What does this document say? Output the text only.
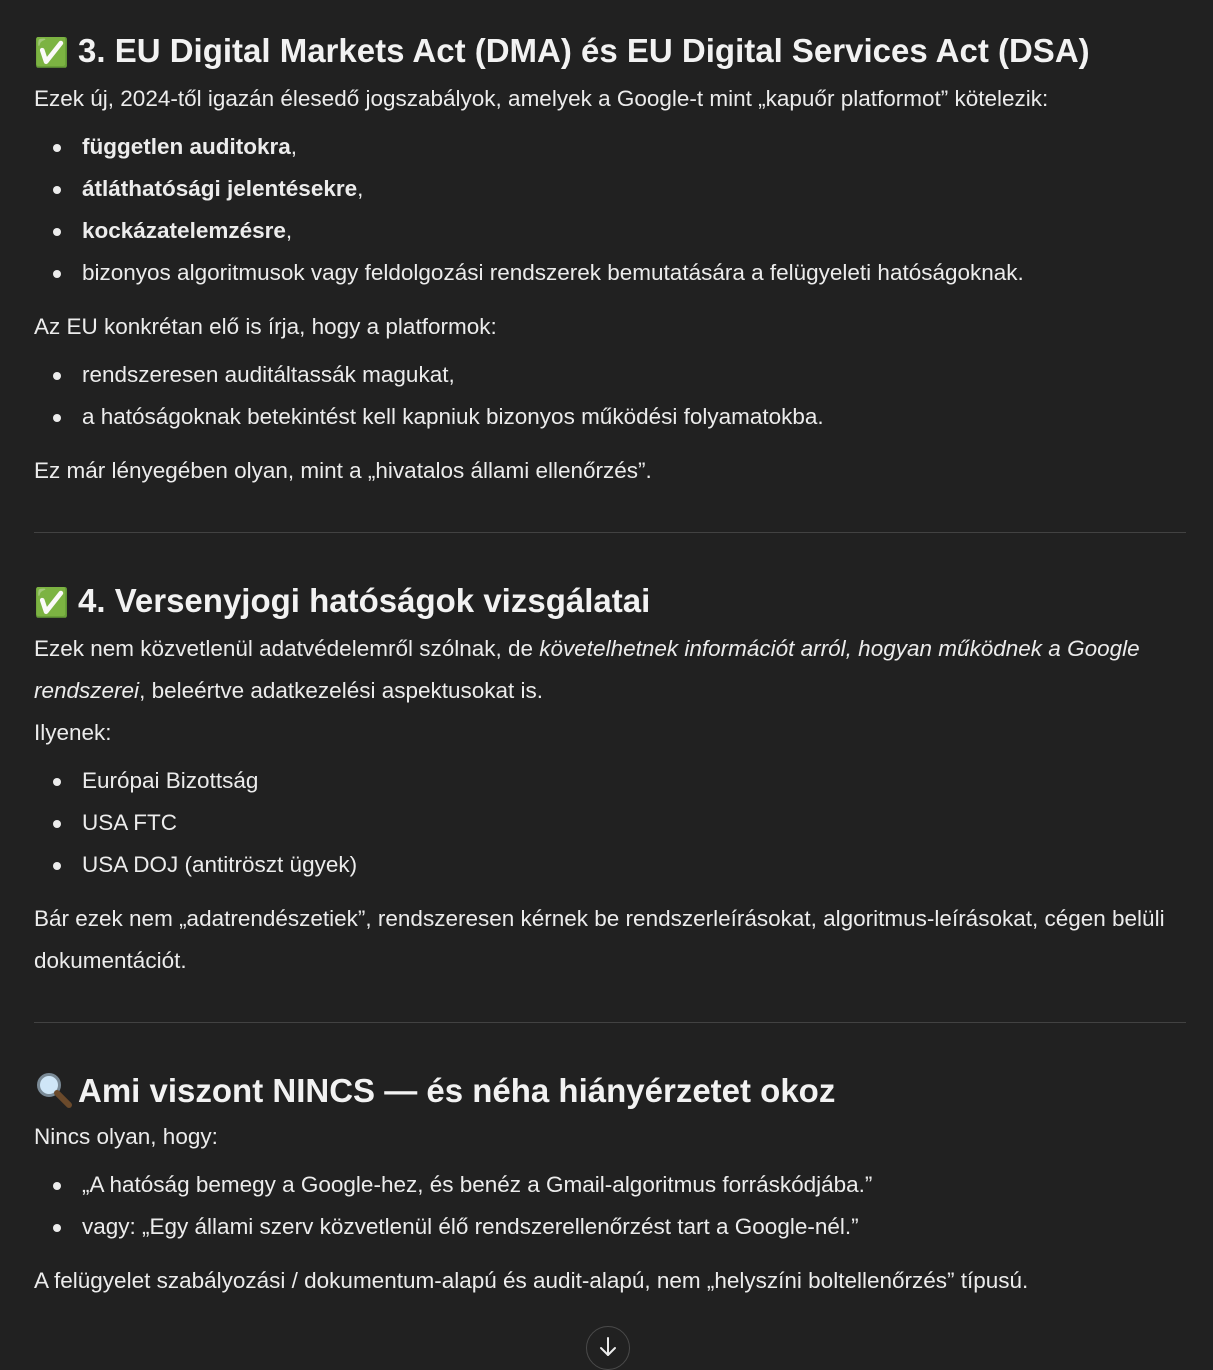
✅ 3. EU Digital Markets Act (DMA) és EU Digital Services Act (DSA)

Ezek új, 2024-től igazán élesedő jogszabályok, amelyek a Google-t mint „kapuőr platformot” kötelezik:

független auditokra,
átláthatósági jelentésekre,
kockázatelemzésre,
bizonyos algoritmusok vagy feldolgozási rendszerek bemutatására a felügyeleti hatóságoknak.

Az EU konkrétan elő is írja, hogy a platformok:

rendszeresen auditáltassák magukat,
a hatóságoknak betekintést kell kapniuk bizonyos működési folyamatokba.

Ez már lényegében olyan, mint a „hivatalos állami ellenőrzés”.

✅ 4. Versenyjogi hatóságok vizsgálatai

Ezek nem közvetlenül adatvédelemről szólnak, de követelhetnek információt arról, hogyan működnek a Google rendszerei, beleértve adatkezelési aspektusokat is.

Ilyenek:

Európai Bizottság
USA FTC
USA DOJ (antitröszt ügyek)

Bár ezek nem „adatrendészetiek”, rendszeresen kérnek be rendszerleírásokat, algoritmus-leírásokat, cégen belüli dokumentációt.

Ami viszont NINCS — és néha hiányérzetet okoz

Nincs olyan, hogy:

„A hatóság bemegy a Google-hez, és benéz a Gmail-algoritmus forráskódjába.”
vagy: „Egy állami szerv közvetlenül élő rendszerellenőrzést tart a Google-nél.”

A felügyelet szabályozási / dokumentum-alapú és audit-alapú, nem „helyszíni boltellenőrzés” típusú.
